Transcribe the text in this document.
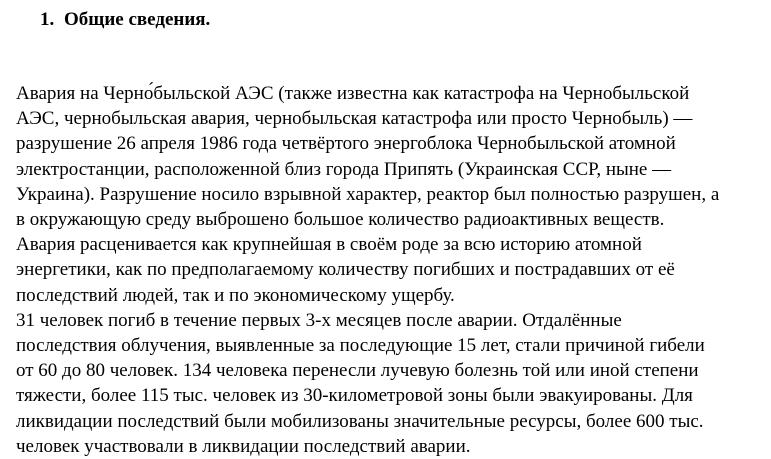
1. Общие сведения.
Авария на Черно́быльской АЭС (также известна как катастрофа на Чернобыльской
АЭС, чернобыльская авария, чернобыльская катастрофа или просто Чернобыль) —
разрушение 26 апреля 1986 года четвёртого энергоблока Чернобыльской атомной
электростанции, расположенной близ города Припять (Украинская ССР, ныне —
Украина). Разрушение носило взрывной характер, реактор был полностью разрушен, а
в окружающую среду выброшено большое количество радиоактивных веществ.
Авария расценивается как крупнейшая в своём роде за всю историю атомной
энергетики, как по предполагаемому количеству погибших и пострадавших от её
последствий людей, так и по экономическому ущербу.
31 человек погиб в течение первых 3-х месяцев после аварии. Отдалённые
последствия облучения, выявленные за последующие 15 лет, стали причиной гибели
от 60 до 80 человек. 134 человека перенесли лучевую болезнь той или иной степени
тяжести, более 115 тыс. человек из 30-километровой зоны были эвакуированы. Для
ликвидации последствий были мобилизованы значительные ресурсы, более 600 тыс.
человек участвовали в ликвидации последствий аварии.
